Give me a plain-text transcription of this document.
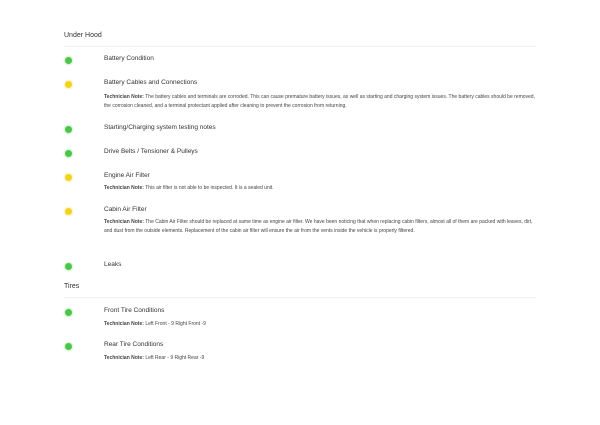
Under Hood
Battery Condition
Battery Cables and Connections
Technician Note: The battery cables and terminals are corroded. This can cause premature battery issues, as well as starting and charging system issues. The battery cables should be removed, the corrosion cleaned, and a terminal protectant applied after cleaning to prevent the corrosion from returning.
Starting/Charging system testing notes
Drive Belts / Tensioner & Pulleys
Engine Air Filter
Technician Note: This air filter is not able to be inspected. It is a sealed unit.
Cabin Air Filter
Technician Note: The Cabin Air Filter should be replaced at same time as engine air filter. We have been noticing that when replacing cabin filters, almost all of them are packed with leaves, dirt, and dust from the outside elements. Replacement of the cabin air filter will ensure the air from the vents inside the vehicle is properly filtered.
Leaks
Tires
Front Tire Conditions
Technician Note: Left Front - 9 Right Front -9
Rear Tire Conditions
Technician Note: Left Rear - 9 Right Rear -9
